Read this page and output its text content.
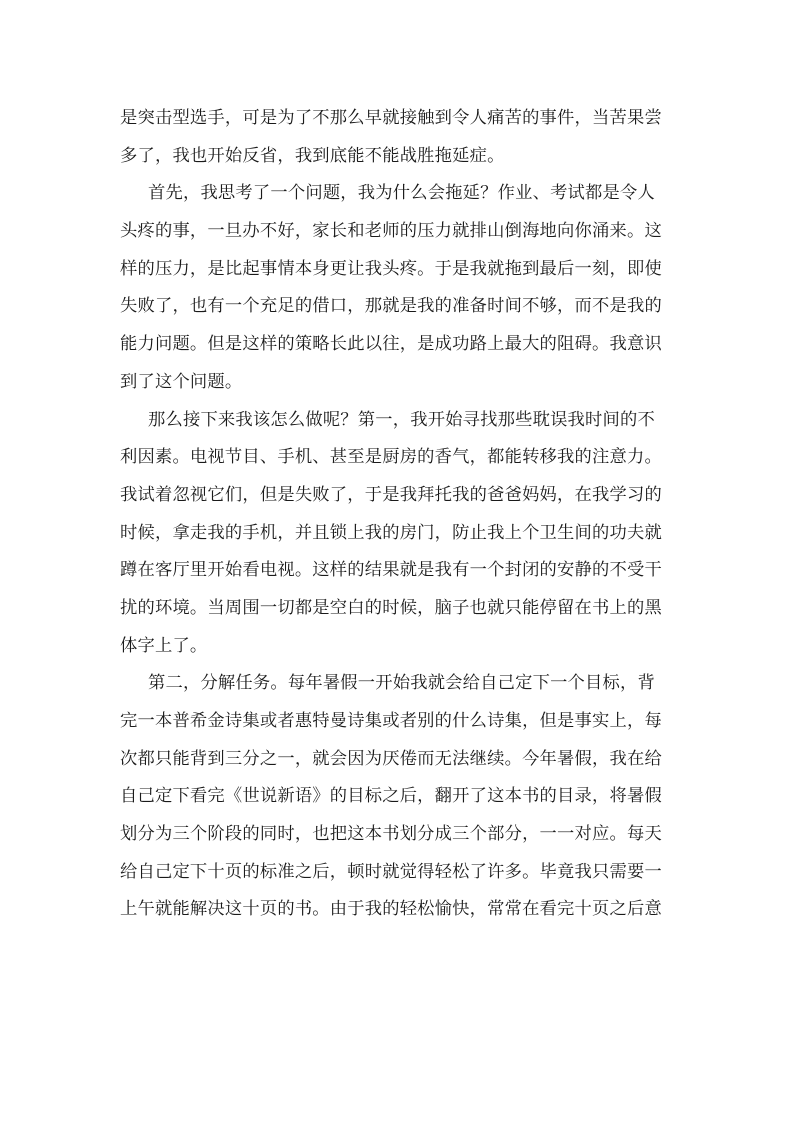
是突击型选手，可是为了不那么早就接触到令人痛苦的事件，当苦果尝
多了，我也开始反省，我到底能不能战胜拖延症。
首先，我思考了一个问题，我为什么会拖延？作业、考试都是令人
头疼的事，一旦办不好，家长和老师的压力就排山倒海地向你涌来。这
样的压力，是比起事情本身更让我头疼。于是我就拖到最后一刻，即使
失败了，也有一个充足的借口，那就是我的准备时间不够，而不是我的
能力问题。但是这样的策略长此以往，是成功路上最大的阻碍。我意识
到了这个问题。
那么接下来我该怎么做呢？第一，我开始寻找那些耽误我时间的不
利因素。电视节目、手机、甚至是厨房的香气，都能转移我的注意力。
我试着忽视它们，但是失败了，于是我拜托我的爸爸妈妈，在我学习的
时候，拿走我的手机，并且锁上我的房门，防止我上个卫生间的功夫就
蹲在客厅里开始看电视。这样的结果就是我有一个封闭的安静的不受干
扰的环境。当周围一切都是空白的时候，脑子也就只能停留在书上的黑
体字上了。
第二，分解任务。每年暑假一开始我就会给自己定下一个目标，背
完一本普希金诗集或者惠特曼诗集或者别的什么诗集，但是事实上，每
次都只能背到三分之一，就会因为厌倦而无法继续。今年暑假，我在给
自己定下看完《世说新语》的目标之后，翻开了这本书的目录，将暑假
划分为三个阶段的同时，也把这本书划分成三个部分，一一对应。每天
给自己定下十页的标准之后，顿时就觉得轻松了许多。毕竟我只需要一
上午就能解决这十页的书。由于我的轻松愉快，常常在看完十页之后意
